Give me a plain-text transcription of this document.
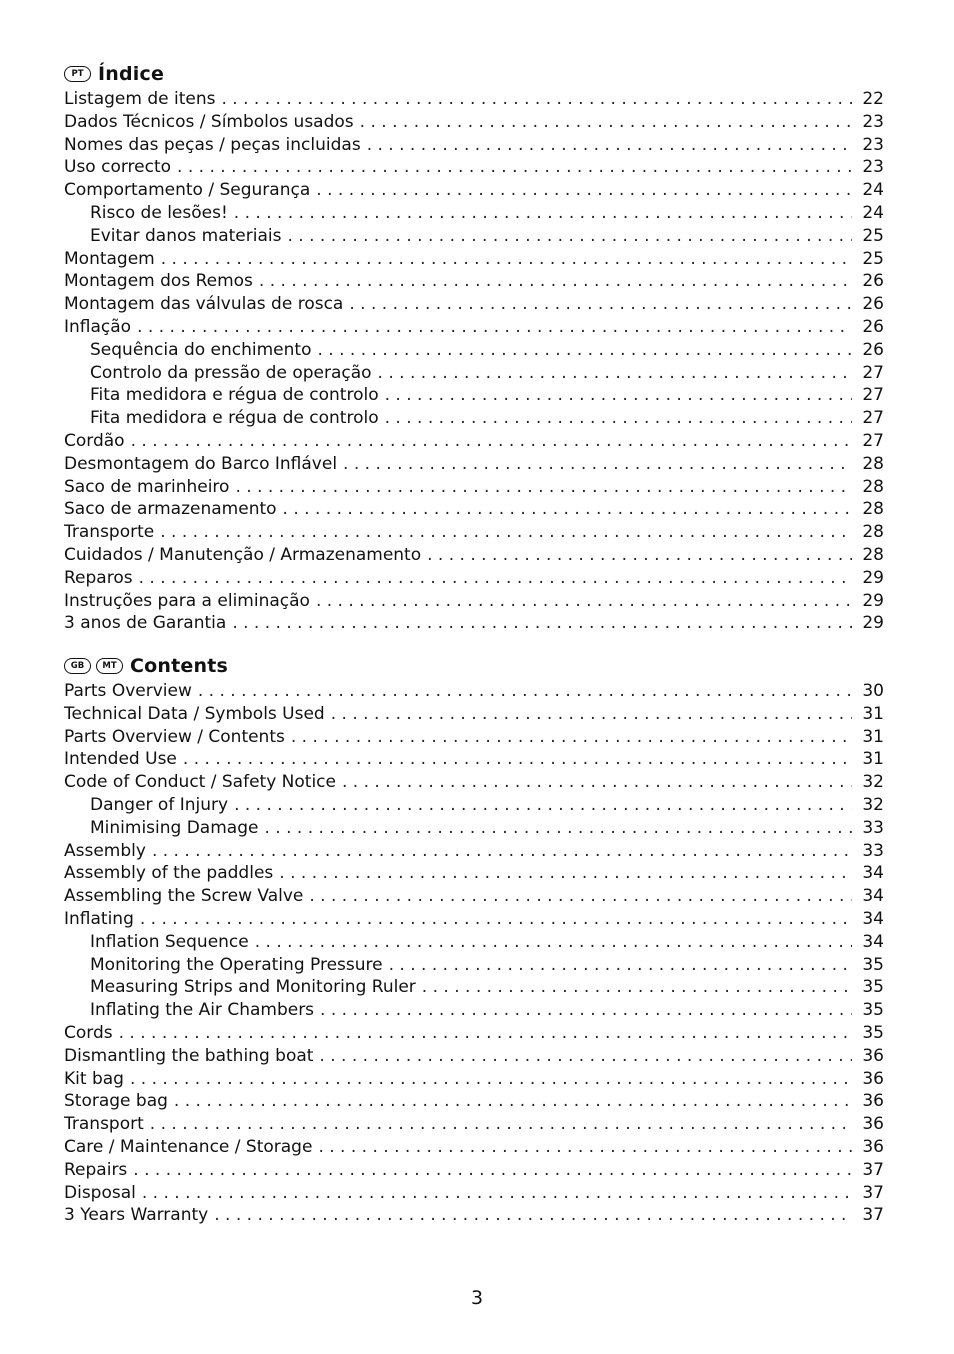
PT Índice
Listagem de itens . . .	22
Dados Técnicos / Símbolos usados . . .	23
Nomes das peças / peças incluidas . . .	23
Uso correcto . . .	23
Comportamento / Segurança . . .	24
Risco de lesões! . . .	24
Evitar danos materiais . . .	25
Montagem . . .	25
Montagem dos Remos . . .	26
Montagem das válvulas de rosca . . .	26
Inflação . . .	26
Sequência do enchimento . . .	26
Controlo da pressão de operação . . .	27
Fita medidora e régua de controlo . . .	27
Fita medidora e régua de controlo . . .	27
Cordão . . .	27
Desmontagem do Barco Inflável . . .	28
Saco de marinheiro . . .	28
Saco de armazenamento . . .	28
Transporte . . .	28
Cuidados / Manutenção / Armazenamento . . .	28
Reparos . . .	29
Instruções para a eliminação . . .	29
3 anos de Garantia . . .	29
GB	MT Contents
Parts Overview . . .	30
Technical Data / Symbols Used . . .	31
Parts Overview / Contents . . .	31
Intended Use . . .	31
Code of Conduct / Safety Notice . . .	32
Danger of Injury . . .	32
Minimising Damage . . .	33
Assembly . . .	33
Assembly of the paddles . . .	34
Assembling the Screw Valve . . .	34
Inflating . . .	34
Inflation Sequence . . .	34
Monitoring the Operating Pressure . . .	35
Measuring Strips and Monitoring Ruler . . .	35
Inflating the Air Chambers . . .	35
Cords . . .	35
Dismantling the bathing boat . . .	36
Kit bag . . .	36
Storage bag . . .	36
Transport . . .	36
Care / Maintenance / Storage . . .	36
Repairs . . .	37
Disposal . . .	37
3 Years Warranty . . .	37
3
